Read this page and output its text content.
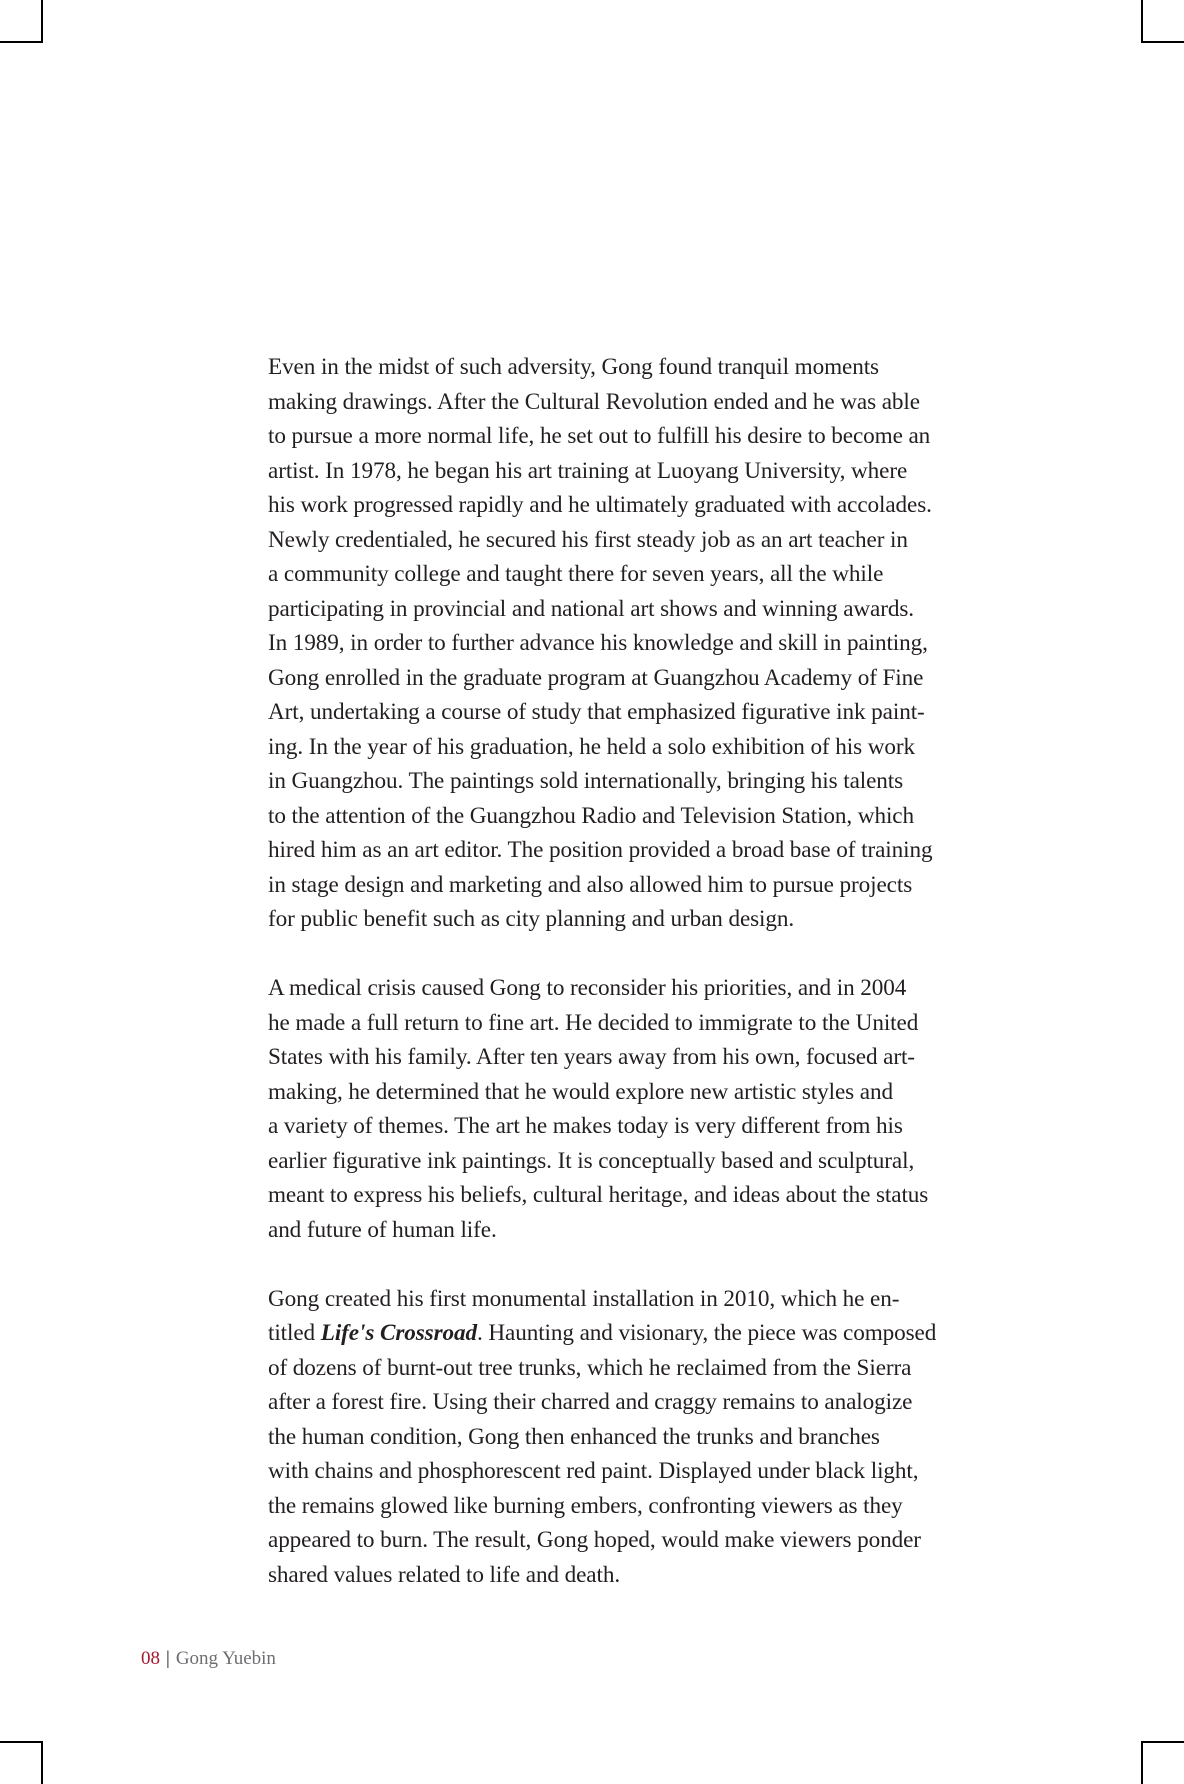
Even in the midst of such adversity, Gong found tranquil moments
making drawings. After the Cultural Revolution ended and he was able
to pursue a more normal life, he set out to fulfill his desire to become an
artist. In 1978, he began his art training at Luoyang University, where
his work progressed rapidly and he ultimately graduated with accolades.
Newly credentialed, he secured his first steady job as an art teacher in
a community college and taught there for seven years, all the while
participating in provincial and national art shows and winning awards.
In 1989, in order to further advance his knowledge and skill in painting,
Gong enrolled in the graduate program at Guangzhou Academy of Fine
Art, undertaking a course of study that emphasized figurative ink paint-
ing. In the year of his graduation, he held a solo exhibition of his work
in Guangzhou. The paintings sold internationally, bringing his talents
to the attention of the Guangzhou Radio and Television Station, which
hired him as an art editor. The position provided a broad base of training
in stage design and marketing and also allowed him to pursue projects
for public benefit such as city planning and urban design.

A medical crisis caused Gong to reconsider his priorities, and in 2004
he made a full return to fine art. He decided to immigrate to the United
States with his family. After ten years away from his own, focused art-
making, he determined that he would explore new artistic styles and
a variety of themes. The art he makes today is very different from his
earlier figurative ink paintings. It is conceptually based and sculptural,
meant to express his beliefs, cultural heritage, and ideas about the status
and future of human life.

Gong created his first monumental installation in 2010, which he en-
titled Life's Crossroad. Haunting and visionary, the piece was composed
of dozens of burnt-out tree trunks, which he reclaimed from the Sierra
after a forest fire. Using their charred and craggy remains to analogize
the human condition, Gong then enhanced the trunks and branches
with chains and phosphorescent red paint. Displayed under black light,
the remains glowed like burning embers, confronting viewers as they
appeared to burn. The result, Gong hoped, would make viewers ponder
shared values related to life and death.

08 | Gong Yuebin
